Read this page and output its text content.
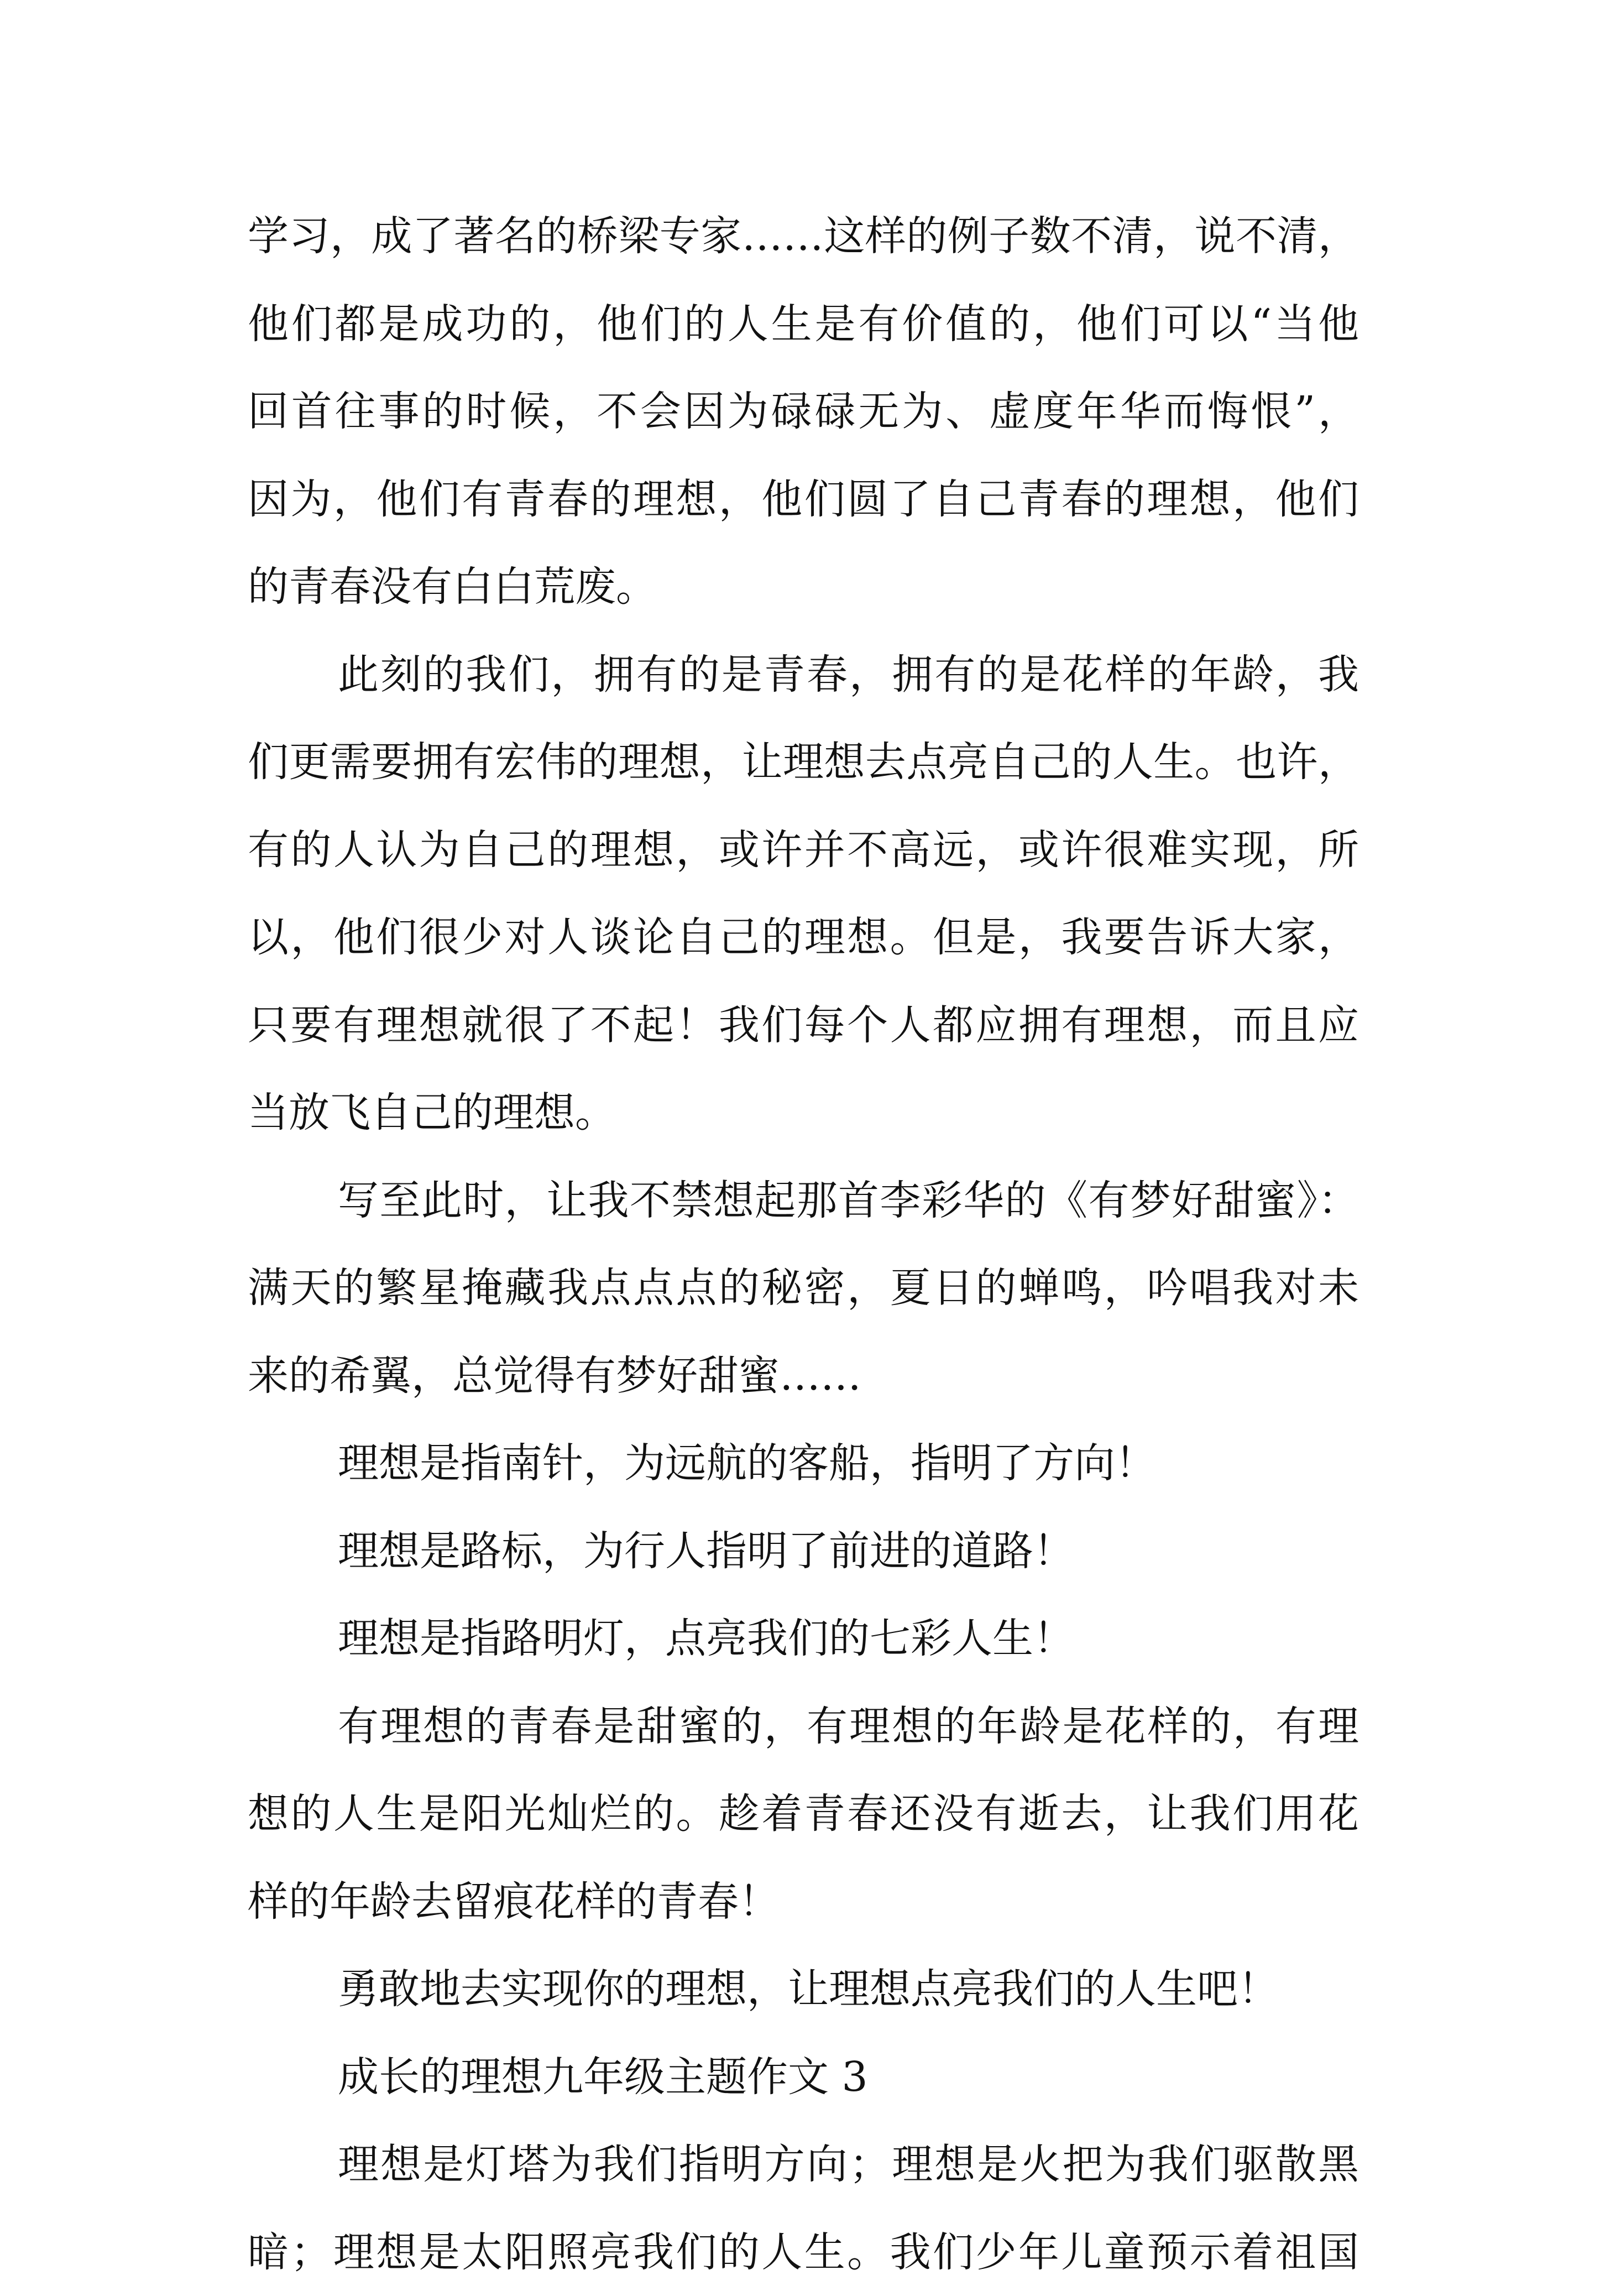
学习，成了著名的桥梁专家……这样的例子数不清，说不清，
他们都是成功的，他们的人生是有价值的，他们可以“当他
回首往事的时候，不会因为碌碌无为、虚度年华而悔恨”，
因为，他们有青春的理想，他们圆了自己青春的理想，他们
的青春没有白白荒废。
此刻的我们，拥有的是青春，拥有的是花样的年龄，我
们更需要拥有宏伟的理想，让理想去点亮自己的人生。也许，
有的人认为自己的理想，或许并不高远，或许很难实现，所
以，他们很少对人谈论自己的理想。但是，我要告诉大家，
只要有理想就很了不起！我们每个人都应拥有理想，而且应
当放飞自己的理想。
写至此时，让我不禁想起那首李彩华的《有梦好甜蜜》：
满天的繁星掩藏我点点点的秘密，夏日的蝉鸣，吟唱我对未
来的希翼，总觉得有梦好甜蜜……
理想是指南针，为远航的客船，指明了方向！
理想是路标，为行人指明了前进的道路！
理想是指路明灯，点亮我们的七彩人生！
有理想的青春是甜蜜的，有理想的年龄是花样的，有理
想的人生是阳光灿烂的。趁着青春还没有逝去，让我们用花
样的年龄去留痕花样的青春！
勇敢地去实现你的理想，让理想点亮我们的人生吧！
成长的理想九年级主题作文 3
理想是灯塔为我们指明方向；理想是火把为我们驱散黑
暗；理想是太阳照亮我们的人生。我们少年儿童预示着祖国
